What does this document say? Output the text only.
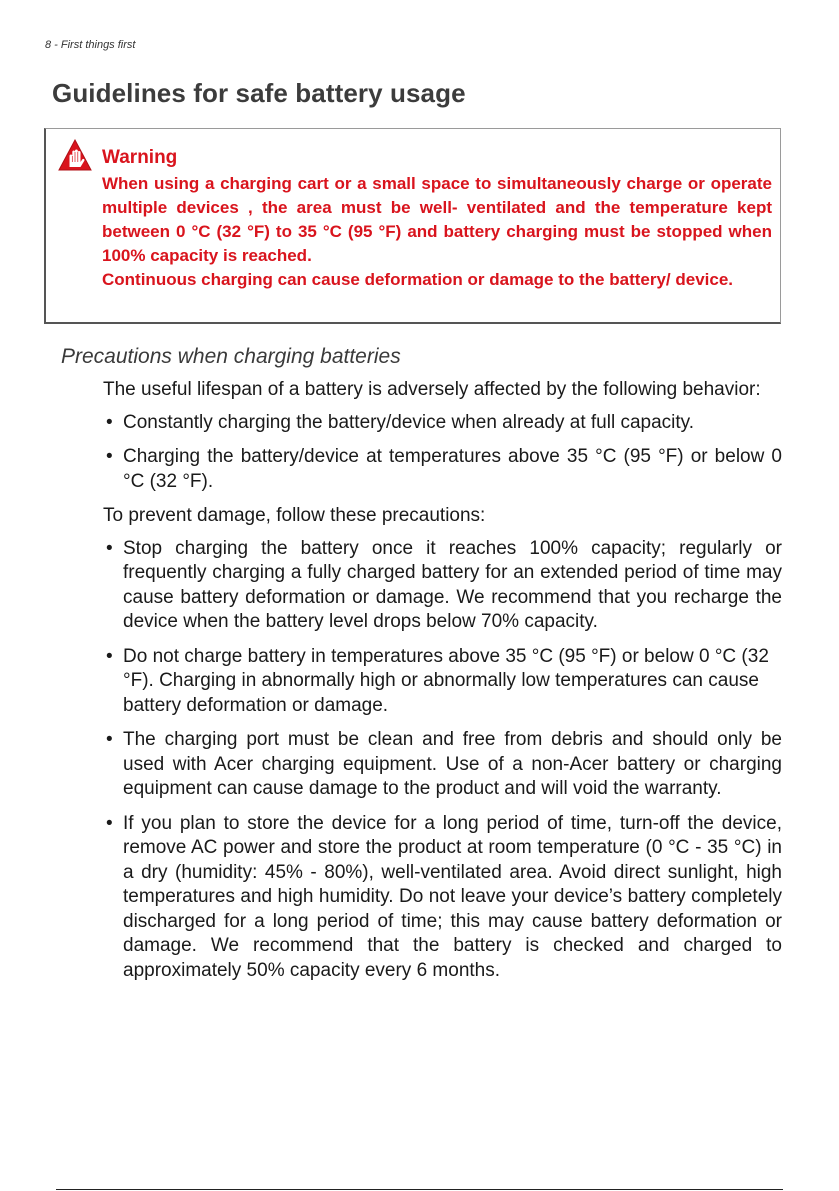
8 - First things first
Guidelines for safe battery usage
Warning

When using a charging cart or a small space to simultaneously charge or operate multiple devices , the area must be well- ventilated and the temperature kept between 0 °C (32 °F) to 35 °C (95 °F) and battery charging must be stopped when 100% capacity is reached.

Continuous charging can cause deformation or damage to the battery/ device.

Precautions when charging batteries

The useful lifespan of a battery is adversely affected by the following behavior:

• Constantly charging the battery/device when already at full capacity.
• Charging the battery/device at temperatures above 35 °C (95 °F) or below 0 °C (32 °F).

To prevent damage, follow these precautions:

• Stop charging the battery once it reaches 100% capacity; regularly or frequently charging a fully charged battery for an extended period of time may cause battery deformation or damage. We recommend that you recharge the device when the battery level drops below 70% capacity.
• Do not charge battery in temperatures above 35 °C (95 °F) or below 0 °C (32 °F). Charging in abnormally high or abnormally low temperatures can cause battery deformation or damage.
• The charging port must be clean and free from debris and should only be used with Acer charging equipment. Use of a non-Acer battery or charging equipment can cause damage to the product and will void the warranty.
• If you plan to store the device for a long period of time, turn-off the device, remove AC power and store the product at room temperature (0 °C - 35 °C) in a dry (humidity: 45% - 80%), well-ventilated area. Avoid direct sunlight, high temperatures and high humidity. Do not leave your device’s battery completely discharged for a long period of time; this may cause battery deformation or damage. We recommend that the battery is checked and charged to approximately 50% capacity every 6 months.
